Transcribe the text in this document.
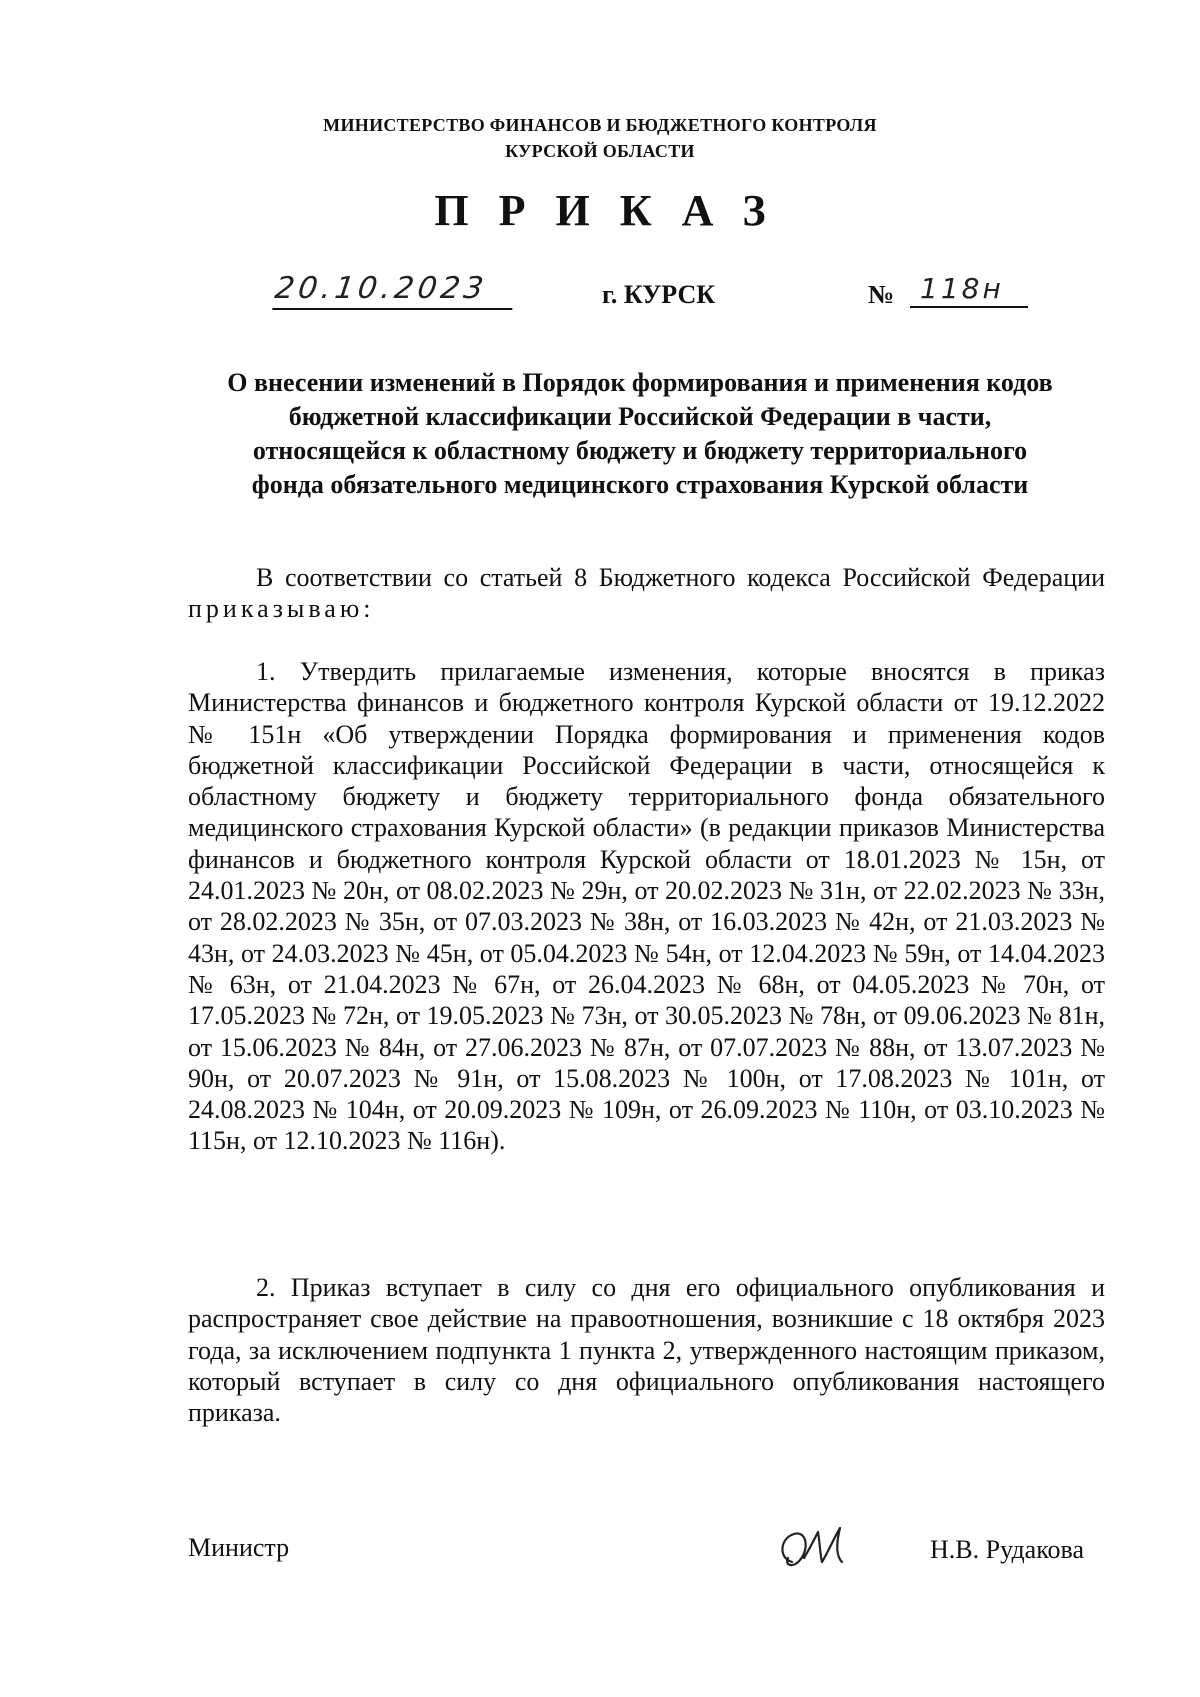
МИНИСТЕРСТВО ФИНАНСОВ И БЮДЖЕТНОГО КОНТРОЛЯ
КУРСКОЙ ОБЛАСТИ
ПРИКАЗ
20.10.2023	г. КУРСК	№ 118н
О внесении изменений в Порядок формирования и применения кодов
бюджетной классификации Российской Федерации в части,
относящейся к областному бюджету и бюджету территориального
фонда обязательного медицинского страхования Курской области
В соответствии со статьей 8 Бюджетного кодекса Российской Федерации приказываю:
1. Утвердить прилагаемые изменения, которые вносятся в приказ Министерства финансов и бюджетного контроля Курской области от 19.12.2022 № 151н «Об утверждении Порядка формирования и применения кодов бюджетной классификации Российской Федерации в части, относящейся к областному бюджету и бюджету территориального фонда обязательного медицинского страхования Курской области» (в редакции приказов Министерства финансов и бюджетного контроля Курской области от 18.01.2023 № 15н, от 24.01.2023 № 20н, от 08.02.2023 № 29н, от 20.02.2023 № 31н, от 22.02.2023 № 33н, от 28.02.2023 № 35н, от 07.03.2023 № 38н, от 16.03.2023 № 42н, от 21.03.2023 № 43н, от 24.03.2023 № 45н, от 05.04.2023 № 54н, от 12.04.2023 № 59н, от 14.04.2023 № 63н, от 21.04.2023 № 67н, от 26.04.2023 № 68н, от 04.05.2023 № 70н, от 17.05.2023 № 72н, от 19.05.2023 № 73н, от 30.05.2023 № 78н, от 09.06.2023 № 81н, от 15.06.2023 № 84н, от 27.06.2023 № 87н, от 07.07.2023 № 88н, от 13.07.2023 № 90н, от 20.07.2023 № 91н, от 15.08.2023 № 100н, от 17.08.2023 № 101н, от 24.08.2023 № 104н, от 20.09.2023 № 109н, от 26.09.2023 № 110н, от 03.10.2023 № 115н, от 12.10.2023 № 116н).
2. Приказ вступает в силу со дня его официального опубликования и распространяет свое действие на правоотношения, возникшие с 18 октября 2023 года, за исключением подпункта 1 пункта 2, утвержденного настоящим приказом, который вступает в силу со дня официального опубликования настоящего приказа.
Министр	Н.В. Рудакова
